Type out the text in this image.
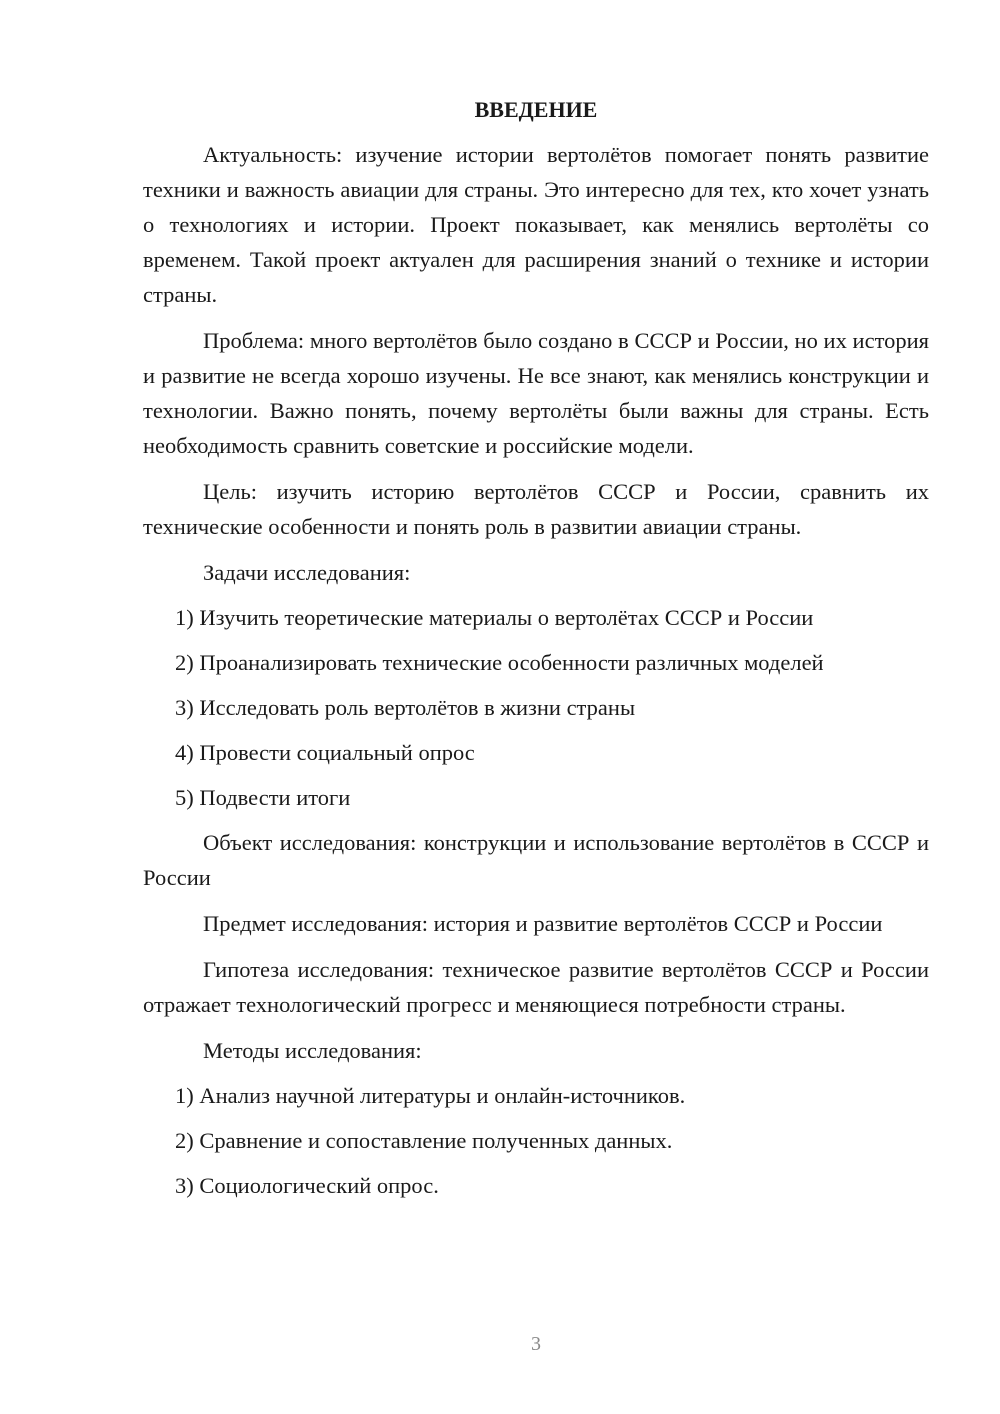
ВВЕДЕНИЕ

Актуальность: изучение истории вертолётов помогает понять развитие техники и важность авиации для страны. Это интересно для тех, кто хочет узнать о технологиях и истории. Проект показывает, как менялись вертолёты со временем. Такой проект актуален для расширения знаний о технике и истории страны.

Проблема: много вертолётов было создано в СССР и России, но их история и развитие не всегда хорошо изучены. Не все знают, как менялись конструкции и технологии. Важно понять, почему вертолёты были важны для страны. Есть необходимость сравнить советские и российские модели.

Цель: изучить историю вертолётов СССР и России, сравнить их технические особенности и понять роль в развитии авиации страны.

Задачи исследования:

1) Изучить теоретические материалы о вертолётах СССР и России
2) Проанализировать технические особенности различных моделей
3) Исследовать роль вертолётов в жизни страны
4) Провести социальный опрос
5) Подвести итоги

Объект исследования: конструкции и использование вертолётов в СССР и России

Предмет исследования: история и развитие вертолётов СССР и России

Гипотеза исследования: техническое развитие вертолётов СССР и России отражает технологический прогресс и меняющиеся потребности страны.

Методы исследования:

1) Анализ научной литературы и онлайн-источников.
2) Сравнение и сопоставление полученных данных.
3) Социологический опрос.
3
